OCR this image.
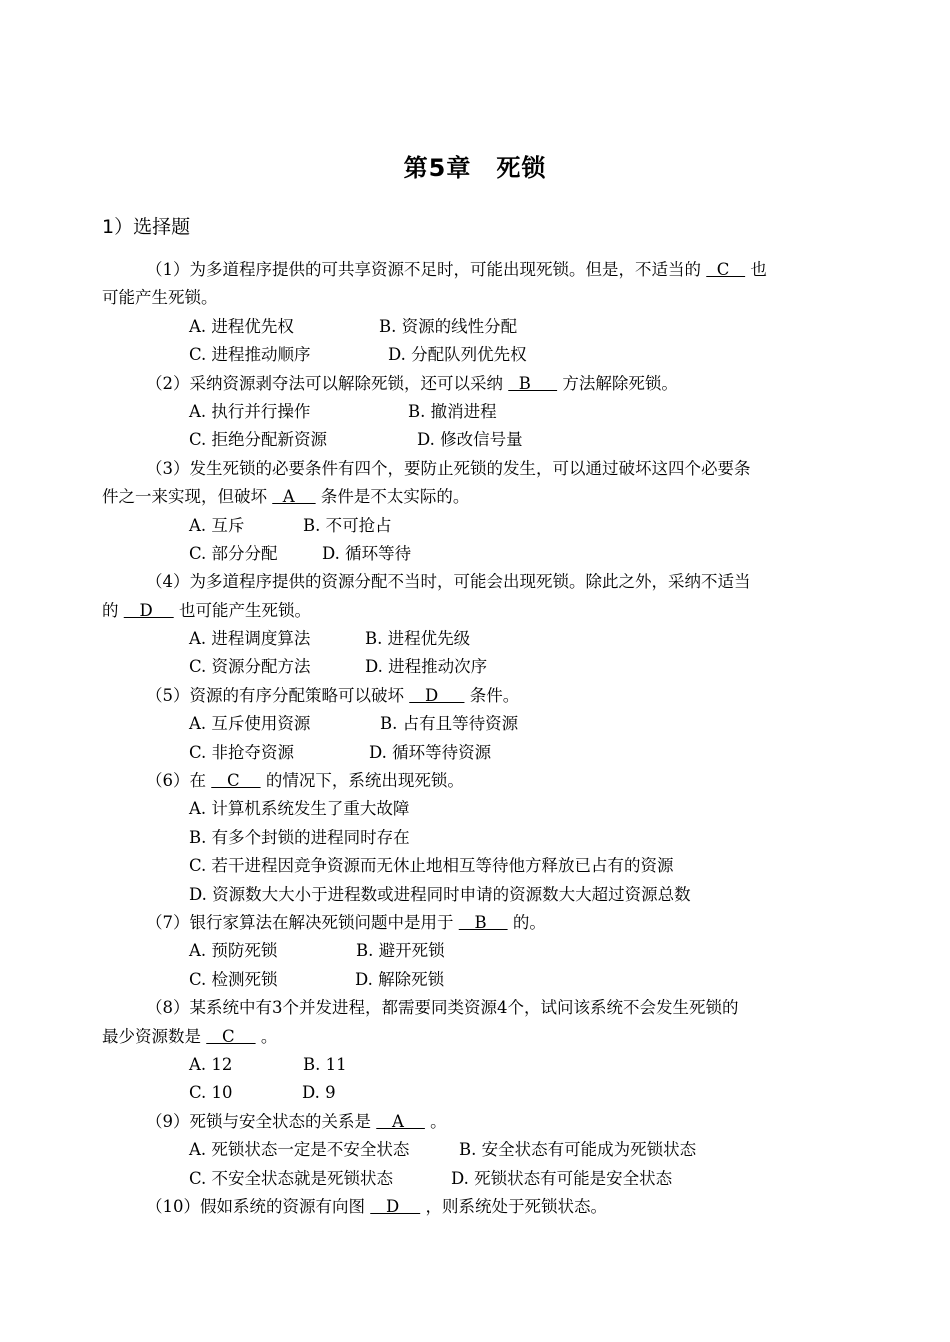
第5章　死锁
1）选择题
（1）为多道程序提供的可共享资源不足时，可能出现死锁。但是，不适当的   C    也
可能产生死锁。
A. 进程优先权	B. 资源的线性分配
C. 进程推动顺序	D. 分配队列优先权
（2）采纳资源剥夺法可以解除死锁，还可以采纳   B      方法解除死锁。
A. 执行并行操作	B. 撤消进程
C. 拒绝分配新资源	D. 修改信号量
（3）发生死锁的必要条件有四个，要防止死锁的发生，可以通过破坏这四个必要条
件之一来实现，但破坏   A     条件是不太实际的。
A. 互斥	B. 不可抢占
C. 部分分配	D. 循环等待
（4）为多道程序提供的资源分配不当时，可能会出现死锁。除此之外，采纳不适当
的    D     也可能产生死锁。
A. 进程调度算法	B. 进程优先级
C. 资源分配方法	D. 进程推动次序
（5）资源的有序分配策略可以破坏    D      条件。
A. 互斥使用资源	B. 占有且等待资源
C. 非抢夺资源	D. 循环等待资源
（6）在    C     的情况下，系统出现死锁。
A. 计算机系统发生了重大故障
B. 有多个封锁的进程同时存在
C. 若干进程因竞争资源而无休止地相互等待他方释放已占有的资源
D. 资源数大大小于进程数或进程同时申请的资源数大大超过资源总数
（7）银行家算法在解决死锁问题中是用于    B     的。
A. 预防死锁	B. 避开死锁
C. 检测死锁	D. 解除死锁
（8）某系统中有3个并发进程，都需要同类资源4个，试问该系统不会发生死锁的
最少资源数是    C     。
A. 12	B. 11
C. 10	D. 9
（9）死锁与安全状态的关系是    A     。
A. 死锁状态一定是不安全状态	B. 安全状态有可能成为死锁状态
C. 不安全状态就是死锁状态	D. 死锁状态有可能是安全状态
（10）假如系统的资源有向图    D     ，则系统处于死锁状态。
